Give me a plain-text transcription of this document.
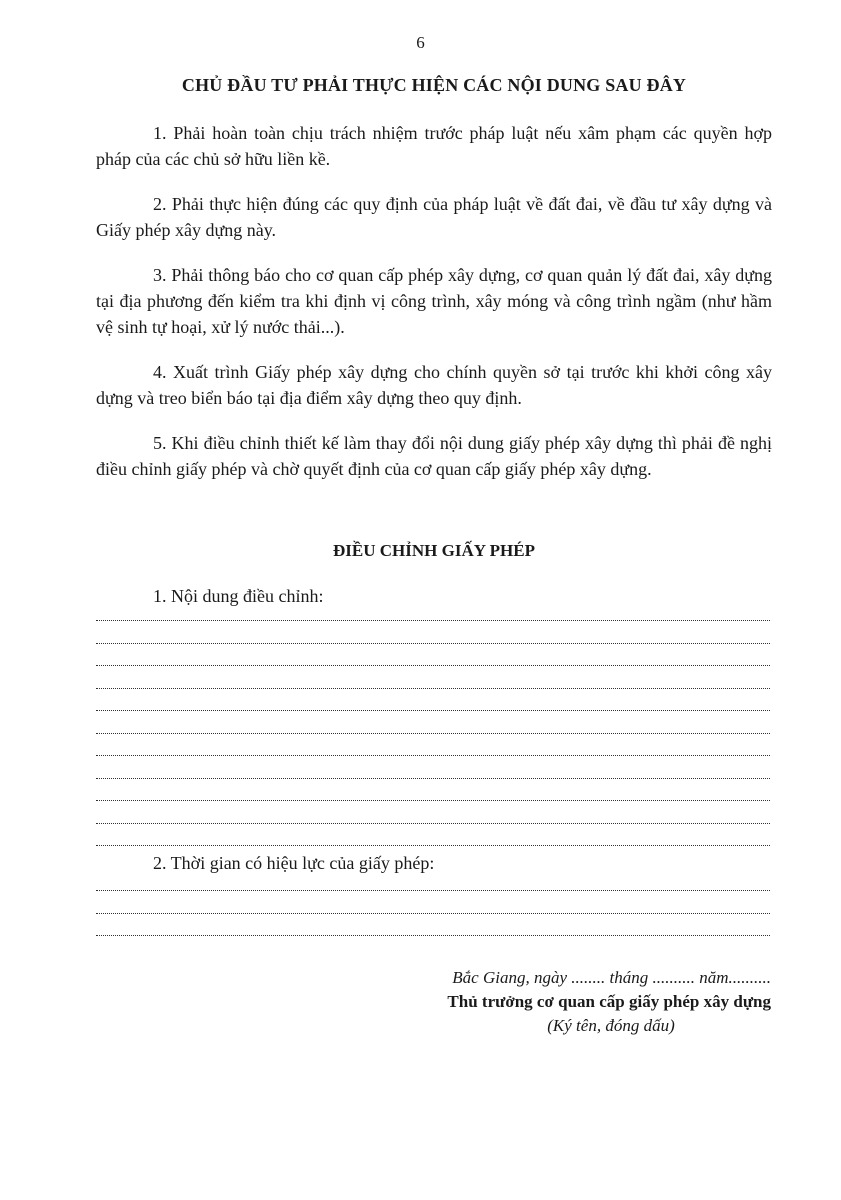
6
CHỦ ĐẦU TƯ PHẢI THỰC HIỆN CÁC NỘI DUNG SAU ĐÂY

1. Phải hoàn toàn chịu trách nhiệm trước pháp luật nếu xâm phạm các quyền hợp pháp của các chủ sở hữu liền kề.

2. Phải thực hiện đúng các quy định của pháp luật về đất đai, về đầu tư xây dựng và Giấy phép xây dựng này.

3. Phải thông báo cho cơ quan cấp phép xây dựng, cơ quan quản lý đất đai, xây dựng tại địa phương đến kiểm tra khi định vị công trình, xây móng và công trình ngầm (như hầm vệ sinh tự hoại, xử lý nước thải...).

4. Xuất trình Giấy phép xây dựng cho chính quyền sở tại trước khi khởi công xây dựng và treo biển báo tại địa điểm xây dựng theo quy định.

5. Khi điều chỉnh thiết kế làm thay đổi nội dung giấy phép xây dựng thì phải đề nghị điều chỉnh giấy phép và chờ quyết định của cơ quan cấp giấy phép xây dựng.

ĐIỀU CHỈNH GIẤY PHÉP
1. Nội dung điều chỉnh:
2. Thời gian có hiệu lực của giấy phép:
Bắc Giang, ngày ........ tháng .......... năm..........
Thủ trưởng cơ quan cấp giấy phép xây dựng
(Ký tên, đóng dấu)
